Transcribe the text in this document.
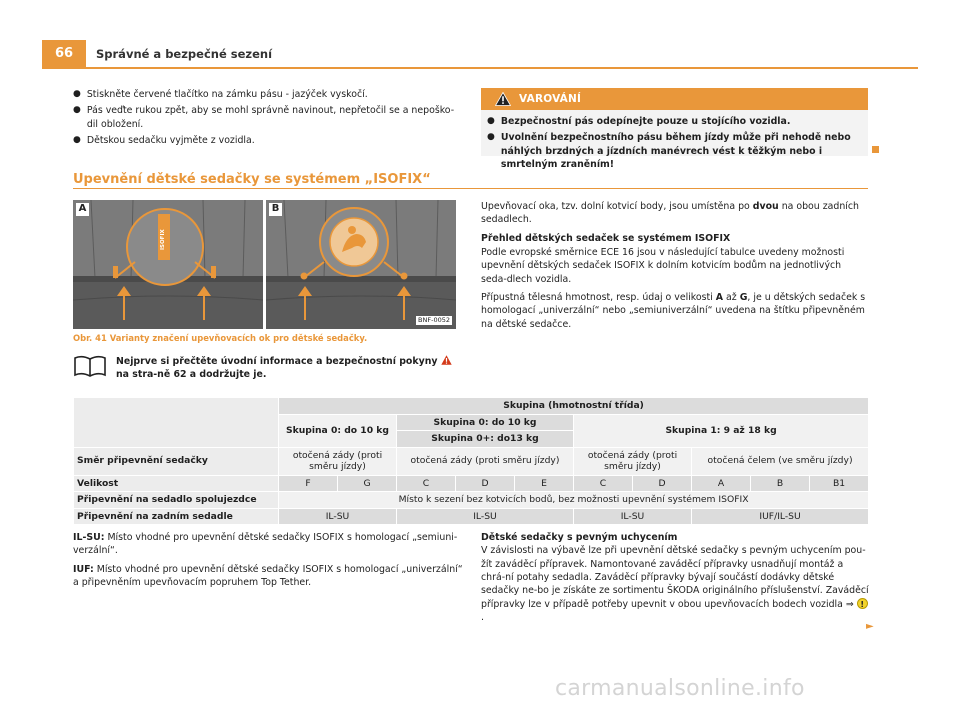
66	Správné a bezpečné sezení
● Stiskněte červené tlačítko na zámku pásu - jazýček vyskočí.
● Pás veďte rukou zpět, aby se mohl správně navinout, nepřetočil se a nepoško-dil obložení.
● Dětskou sedačku vyjměte z vozidla.
VAROVÁNÍ
● Bezpečnostní pás odepínejte pouze u stojícího vozidla.
● Uvolnění bezpečnostního pásu během jízdy může při nehodě nebo náhlých brzdných a jízdních manévrech vést k těžkým nebo i smrtelným zraněním!
Upevnění dětské sedačky se systémem „ISOFIX“
ISOFIX
A	B
BNF-0052
Obr. 41 Varianty značení upevňovacích ok pro dětské sedačky.
Nejprve si přečtěte úvodní informace a bezpečnostní pokyny  na stra-ně 62 a dodržujte je.

Upevňovací oka, tzv. dolní kotvicí body, jsou umístěna po dvou na obou zadních sedadlech.

Přehled dětských sedaček se systémem ISOFIX

Podle evropské směrnice ECE 16 jsou v následující tabulce uvedeny možnosti upevnění dětských sedaček ISOFIX k dolním kotvicím bodům na jednotlivých seda-dlech vozidla.

Přípustná tělesná hmotnost, resp. údaj o velikosti A až G, je u dětských sedaček s homologací „univerzální“ nebo „semiuniverzální“ uvedena na štítku připevněném na dětské sedačce.

	Skupina (hmotnostní třída)									
	Skupina 0: do 10 kg		Skupina 0: do 10 kg			Skupina 1: 9 až 18 kg				
			Skupina 0+: do13 kg							
Směr připevnění sedačky	otočená zády (proti směru jízdy)		otočená zády (proti směru jízdy)			otočená zády (proti směru jízdy)		otočená čelem (ve směru jízdy)		
Velikost	F	G	C	D	E	C	D	A	B	B1
Připevnění na sedadlo spolujezdce	Místo k sezení bez kotvicích bodů, bez možnosti upevnění systémem ISOFIX									
Připevnění na zadním sedadle	IL-SU		IL-SU			IL-SU		IUF/IL-SU		

IL-SU: Místo vhodné pro upevnění dětské sedačky ISOFIX s homologací „semiuni-verzální“.

IUF: Místo vhodné pro upevnění dětské sedačky ISOFIX s homologací „univerzální“ a připevněním upevňovacím popruhem Top Tether.

Dětské sedačky s pevným uchycením

V závislosti na výbavě lze při upevnění dětské sedačky s pevným uchycením pou-žít zaváděcí přípravek. Namontované zaváděcí přípravky usnadňují montáž a chrá-ní potahy sedadla. Zaváděcí přípravky bývají součástí dodávky dětské sedačky ne-bo je získáte ze sortimentu ŠKODA originálního příslušenství. Zaváděcí přípravky lze v případě potřeby upevnit v obou upevňovacích bodech vozidla ⇒ !.

►
carmanualsonline.info
